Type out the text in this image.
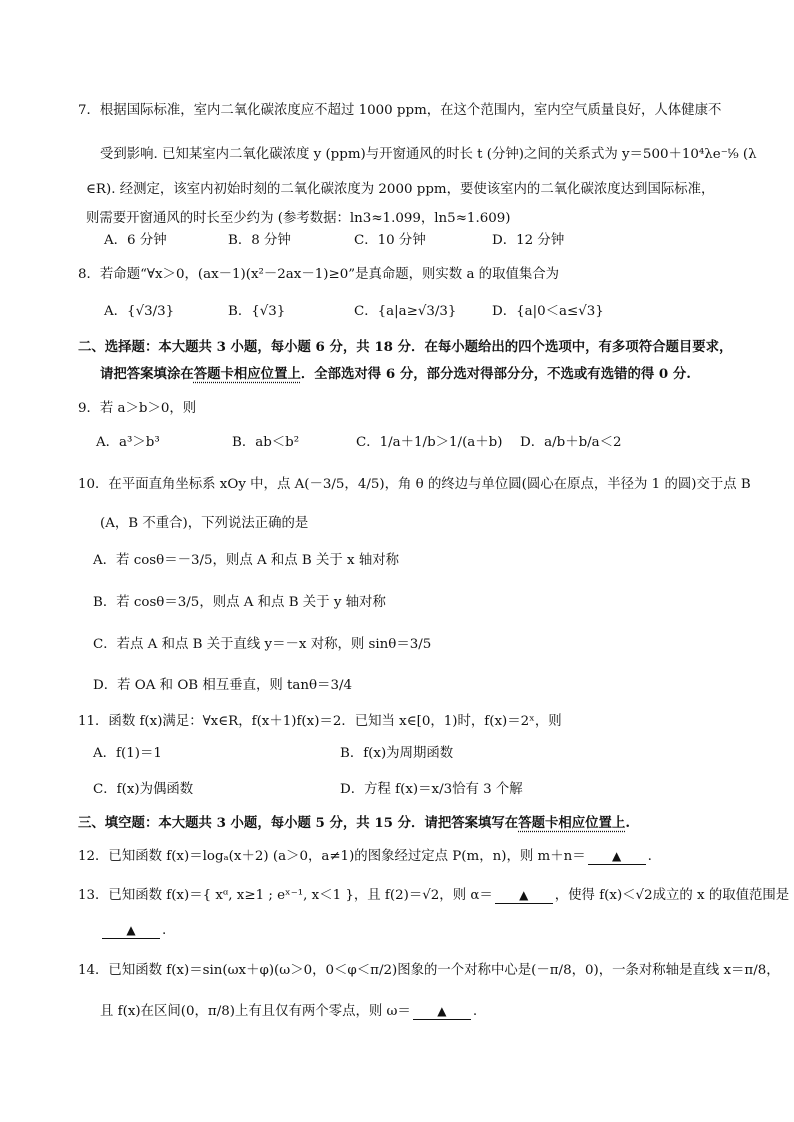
7．根据国际标准，室内二氧化碳浓度应不超过 1000 ppm，在这个范围内，室内空气质量良好，人体健康不
受到影响. 已知某室内二氧化碳浓度 y (ppm)与开窗通风的时长 t (分钟)之间的关系式为 y＝500＋10⁴λe⁻ᵗ⁄₉ (λ
∈R). 经测定，该室内初始时刻的二氧化碳浓度为 2000 ppm，要使该室内的二氧化碳浓度达到国际标准，
则需要开窗通风的时长至少约为 (参考数据：ln3≈1.099，ln5≈1.609)
A．6 分钟	B．8 分钟	C．10 分钟	D．12 分钟
8．若命题“∀x＞0，(ax－1)(x²－2ax－1)≥0”是真命题，则实数 a 的取值集合为
A．{√3/3}	B．{√3}	C．{a|a≥√3/3}	D．{a|0＜a≤√3}
二、选择题：本大题共 3 小题，每小题 6 分，共 18 分．在每小题给出的四个选项中，有多项符合题目要求，
请把答案填涂在答题卡相应位置上．全部选对得 6 分，部分选对得部分分，不选或有选错的得 0 分.
9．若 a＞b＞0，则
A．a³＞b³	B．ab＜b²	C．1/a＋1/b＞1/(a＋b) D．a/b＋b/a＜2
10．在平面直角坐标系 xOy 中，点 A(－3/5，4/5)，角 θ 的终边与单位圆(圆心在原点，半径为 1 的圆)交于点 B
(A，B 不重合)，下列说法正确的是
A．若 cosθ＝－3/5，则点 A 和点 B 关于 x 轴对称
B．若 cosθ＝3/5，则点 A 和点 B 关于 y 轴对称
C．若点 A 和点 B 关于直线 y＝－x 对称，则 sinθ＝3/5
D．若 OA 和 OB 相互垂直，则 tanθ＝3/4
11．函数 f(x)满足：∀x∈R，f(x＋1)f(x)＝2．已知当 x∈[0，1)时，f(x)＝2ˣ，则
A．f(1)＝1	B．f(x)为周期函数
C．f(x)为偶函数	D．方程 f(x)＝x/3恰有 3 个解
三、填空题：本大题共 3 小题，每小题 5 分，共 15 分．请把答案填写在答题卡相应位置上.
12．已知函数 f(x)＝logₐ(x＋2) (a＞0，a≠1)的图象经过定点 P(m，n)，则 m＋n＝ ▲ .
13．已知函数 f(x)＝{ xᵅ, x≥1 ; eˣ⁻¹, x＜1 }，且 f(2)＝√2，则 α＝ ▲ ，使得 f(x)＜√2成立的 x 的取值范围是
▲ .
14．已知函数 f(x)＝sin(ωx＋φ)(ω＞0，0＜φ＜π/2)图象的一个对称中心是(－π/8，0)，一条对称轴是直线 x＝π/8，
且 f(x)在区间(0，π/8)上有且仅有两个零点，则 ω＝ ▲ .
